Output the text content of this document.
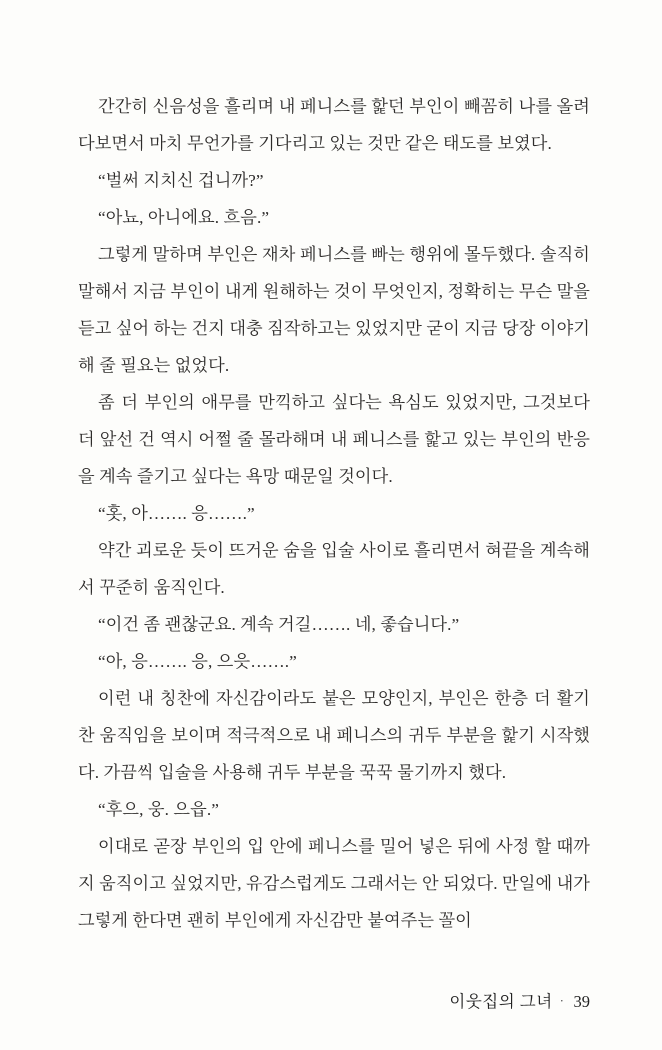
간간히 신음성을 흘리며 내 페니스를 핥던 부인이 빼꼼히 나를 올려다보면서 마치 무언가를 기다리고 있는 것만 같은 태도를 보였다.

“벌써 지치신 겁니까?”

“아뇨, 아니에요. 흐음.”

그렇게 말하며 부인은 재차 페니스를 빠는 행위에 몰두했다. 솔직히 말해서 지금 부인이 내게 원해하는 것이 무엇인지, 정확히는 무슨 말을 듣고 싶어 하는 건지 대충 짐작하고는 있었지만 굳이 지금 당장 이야기해 줄 필요는 없었다.

좀 더 부인의 애무를 만끽하고 싶다는 욕심도 있었지만, 그것보다 더 앞선 건 역시 어쩔 줄 몰라해며 내 페니스를 핥고 있는 부인의 반응을 계속 즐기고 싶다는 욕망 때문일 것이다.

“홋, 아……. 응…….”

약간 괴로운 듯이 뜨거운 숨을 입술 사이로 흘리면서 혀끝을 계속해서 꾸준히 움직인다.

“이건 좀 괜찮군요. 계속 거길……. 네, 좋습니다.”

“아, 응……. 응, 으읏…….”

이런 내 칭찬에 자신감이라도 붙은 모양인지, 부인은 한층 더 활기찬 움직임을 보이며 적극적으로 내 페니스의 귀두 부분을 핥기 시작했다. 가끔씩 입술을 사용해 귀두 부분을 꾹꾹 물기까지 했다.

“후으, 웅. 으읍.”

이대로 곧장 부인의 입 안에 페니스를 밀어 넣은 뒤에 사정 할 때까지 움직이고 싶었지만, 유감스럽게도 그래서는 안 되었다. 만일에 내가 그렇게 한다면 괜히 부인에게 자신감만 붙여주는 꼴이

이웃집의 그녀 · 39
